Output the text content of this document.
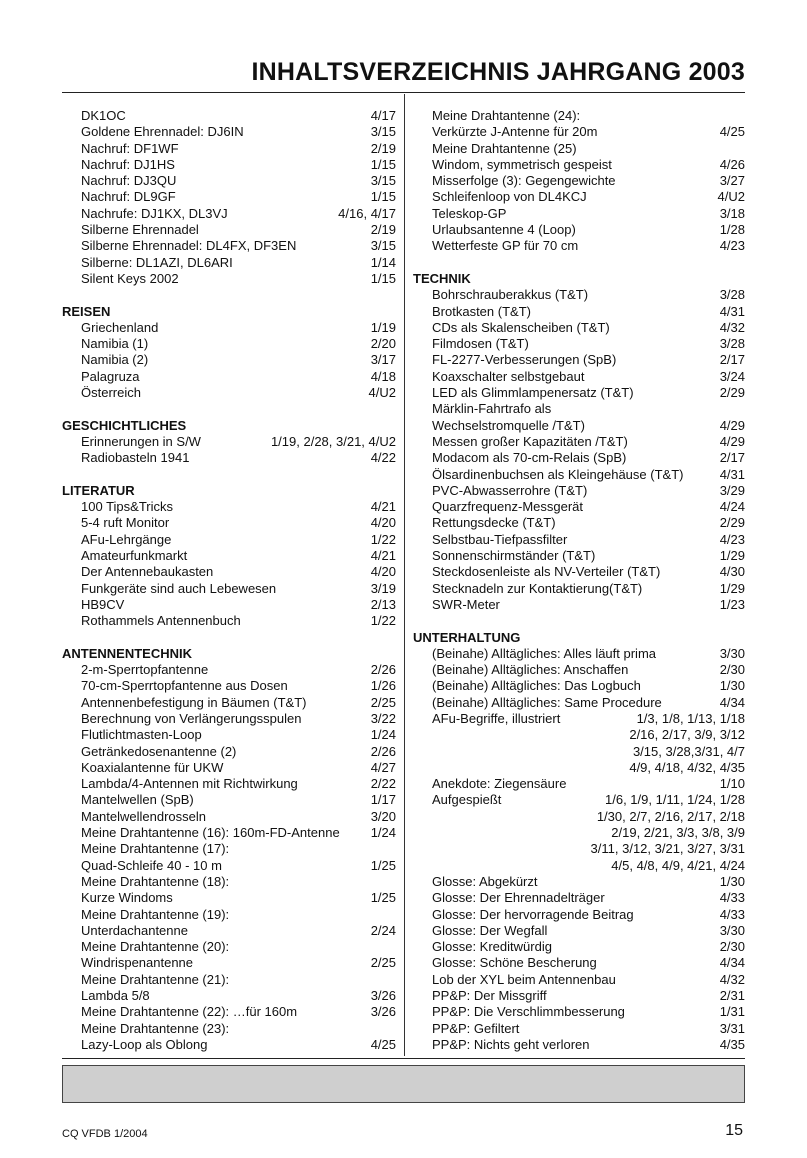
INHALTSVERZEICHNIS JAHRGANG 2003
DK1OC	4/17
Goldene Ehrennadel: DJ6IN	3/15
Nachruf: DF1WF	2/19
Nachruf: DJ1HS	1/15
Nachruf: DJ3QU	3/15
Nachruf: DL9GF	1/15
Nachrufe: DJ1KX, DL3VJ	4/16, 4/17
Silberne Ehrennadel	2/19
Silberne Ehrennadel: DL4FX, DF3EN	3/15
Silberne: DL1AZI, DL6ARI	1/14
Silent Keys 2002	1/15
REISEN
Griechenland	1/19
Namibia (1)	2/20
Namibia (2)	3/17
Palagruza	4/18
Österreich	4/U2
GESCHICHTLICHES
Erinnerungen in S/W	1/19, 2/28, 3/21, 4/U2
Radiobasteln 1941	4/22
LITERATUR
100 Tips&Tricks	4/21
5-4 ruft Monitor	4/20
AFu-Lehrgänge	1/22
Amateurfunkmarkt	4/21
Der Antennebaukasten	4/20
Funkgeräte sind auch Lebewesen	3/19
HB9CV	2/13
Rothammels Antennenbuch	1/22
ANTENNENTECHNIK
2-m-Sperrtopfantenne	2/26
70-cm-Sperrtopfantenne aus Dosen	1/26
Antennenbefestigung in Bäumen (T&T)	2/25
Berechnung von Verlängerungsspulen	3/22
Flutlichtmasten-Loop	1/24
Getränkedosenantenne (2)	2/26
Koaxialantenne für UKW	4/27
Lambda/4-Antennen mit Richtwirkung	2/22
Mantelwellen (SpB)	1/17
Mantelwellendrosseln	3/20
Meine Drahtantenne (16): 160m-FD-Antenne 1/24
Meine Drahtantenne (17):
Quad-Schleife 40 - 10 m	1/25
Meine Drahtantenne (18):
Kurze Windoms	1/25
Meine Drahtantenne (19):
Unterdachantenne	2/24
Meine Drahtantenne (20):
Windrispenantenne	2/25
Meine Drahtantenne (21):
Lambda 5/8	3/26
Meine Drahtantenne (22): …für 160m	3/26
Meine Drahtantenne (23):
Lazy-Loop als Oblong	4/25
Meine Drahtantenne (24):
Verkürzte J-Antenne für 20m	4/25
Meine Drahtantenne (25)
Windom, symmetrisch gespeist	4/26
Misserfolge (3): Gegengewichte	3/27
Schleifenloop von DL4KCJ	4/U2
Teleskop-GP	3/18
Urlaubsantenne 4 (Loop)	1/28
Wetterfeste GP für 70 cm	4/23
TECHNIK
Bohrschrauberakkus (T&T)	3/28
Brotkasten (T&T)	4/31
CDs als Skalenscheiben (T&T)	4/32
Filmdosen (T&T)	3/28
FL-2277-Verbesserungen (SpB)	2/17
Koaxschalter selbstgebaut	3/24
LED als Glimmlampenersatz (T&T)	2/29
Märklin-Fahrtrafo als
Wechselstromquelle /T&T)	4/29
Messen großer Kapazitäten /T&T)	4/29
Modacom als 70-cm-Relais (SpB)	2/17
Ölsardinenbuchsen als Kleingehäuse (T&T)	4/31
PVC-Abwasserrohre (T&T)	3/29
Quarzfrequenz-Messgerät	4/24
Rettungsdecke (T&T)	2/29
Selbstbau-Tiefpassfilter	4/23
Sonnenschirmständer (T&T)	1/29
Steckdosenleiste als NV-Verteiler (T&T)	4/30
Stecknadeln zur Kontaktierung(T&T)	1/29
SWR-Meter	1/23
UNTERHALTUNG
(Beinahe) Alltägliches: Alles läuft prima	3/30
(Beinahe) Alltägliches: Anschaffen	2/30
(Beinahe) Alltägliches: Das Logbuch	1/30
(Beinahe) Alltägliches: Same Procedure	4/34
AFu-Begriffe, illustriert	1/3, 1/8, 1/13, 1/18
2/16, 2/17, 3/9, 3/12
3/15, 3/28,3/31, 4/7
4/9, 4/18, 4/32, 4/35
Anekdote: Ziegensäure	1/10
Aufgespießt	1/6, 1/9, 1/11, 1/24, 1/28
1/30, 2/7, 2/16, 2/17, 2/18
2/19, 2/21, 3/3, 3/8, 3/9
3/11, 3/12, 3/21, 3/27, 3/31
4/5, 4/8, 4/9, 4/21, 4/24
Glosse: Abgekürzt	1/30
Glosse: Der Ehrennadelträger	4/33
Glosse: Der hervorragende Beitrag	4/33
Glosse: Der Wegfall	3/30
Glosse: Kreditwürdig	2/30
Glosse: Schöne Bescherung	4/34
Lob der XYL beim Antennenbau	4/32
PP&P: Der Missgriff	2/31
PP&P: Die Verschlimmbesserung	1/31
PP&P: Gefiltert	3/31
PP&P: Nichts geht verloren	4/35
CQ VFDB 1/2004	15
